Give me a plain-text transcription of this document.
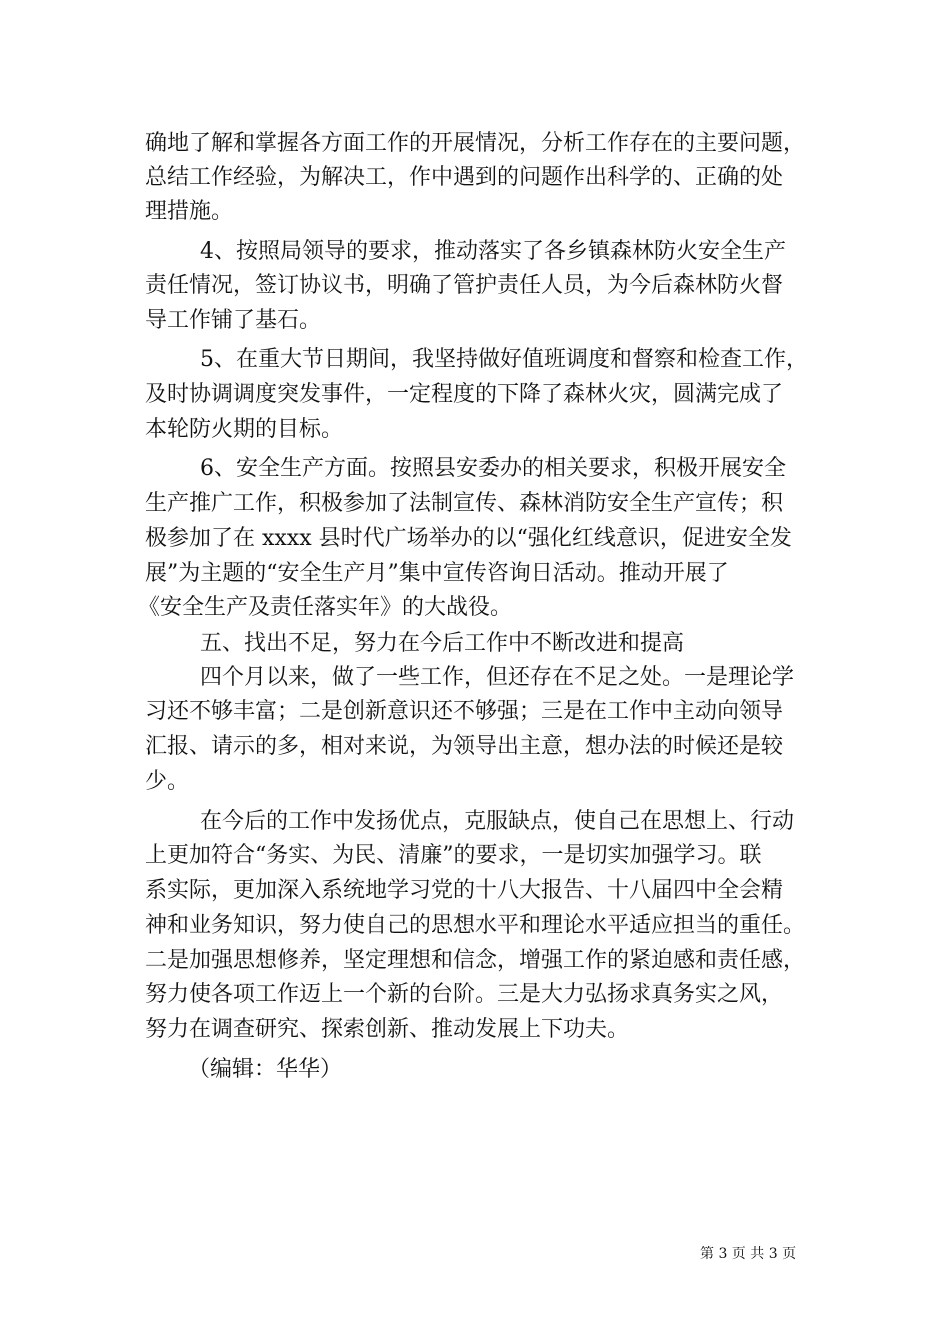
确地了解和掌握各方面工作的开展情况，分析工作存在的主要问题，
总结工作经验，为解决工，作中遇到的问题作出科学的、正确的处
理措施。
4、按照局领导的要求，推动落实了各乡镇森林防火安全生产
责任情况，签订协议书，明确了管护责任人员，为今后森林防火督
导工作铺了基石。
5、在重大节日期间，我坚持做好值班调度和督察和检查工作，
及时协调调度突发事件，一定程度的下降了森林火灾，圆满完成了
本轮防火期的目标。
6、安全生产方面。按照县安委办的相关要求，积极开展安全
生产推广工作，积极参加了法制宣传、森林消防安全生产宣传；积
极参加了在 xxxx 县时代广场举办的以“强化红线意识，促进安全发
展”为主题的“安全生产月”集中宣传咨询日活动。推动开展了
《安全生产及责任落实年》的大战役。
五、找出不足，努力在今后工作中不断改进和提高
四个月以来，做了一些工作，但还存在不足之处。一是理论学
习还不够丰富；二是创新意识还不够强；三是在工作中主动向领导
汇报、请示的多，相对来说，为领导出主意，想办法的时候还是较
少。
在今后的工作中发扬优点，克服缺点，使自己在思想上、行动
上更加符合“务实、为民、清廉”的要求，一是切实加强学习。联
系实际，更加深入系统地学习党的十八大报告、十八届四中全会精
神和业务知识，努力使自己的思想水平和理论水平适应担当的重任。
二是加强思想修养，坚定理想和信念，增强工作的紧迫感和责任感，
努力使各项工作迈上一个新的台阶。三是大力弘扬求真务实之风，
努力在调查研究、探索创新、推动发展上下功夫。
（编辑：华华）
第 3 页 共 3 页
